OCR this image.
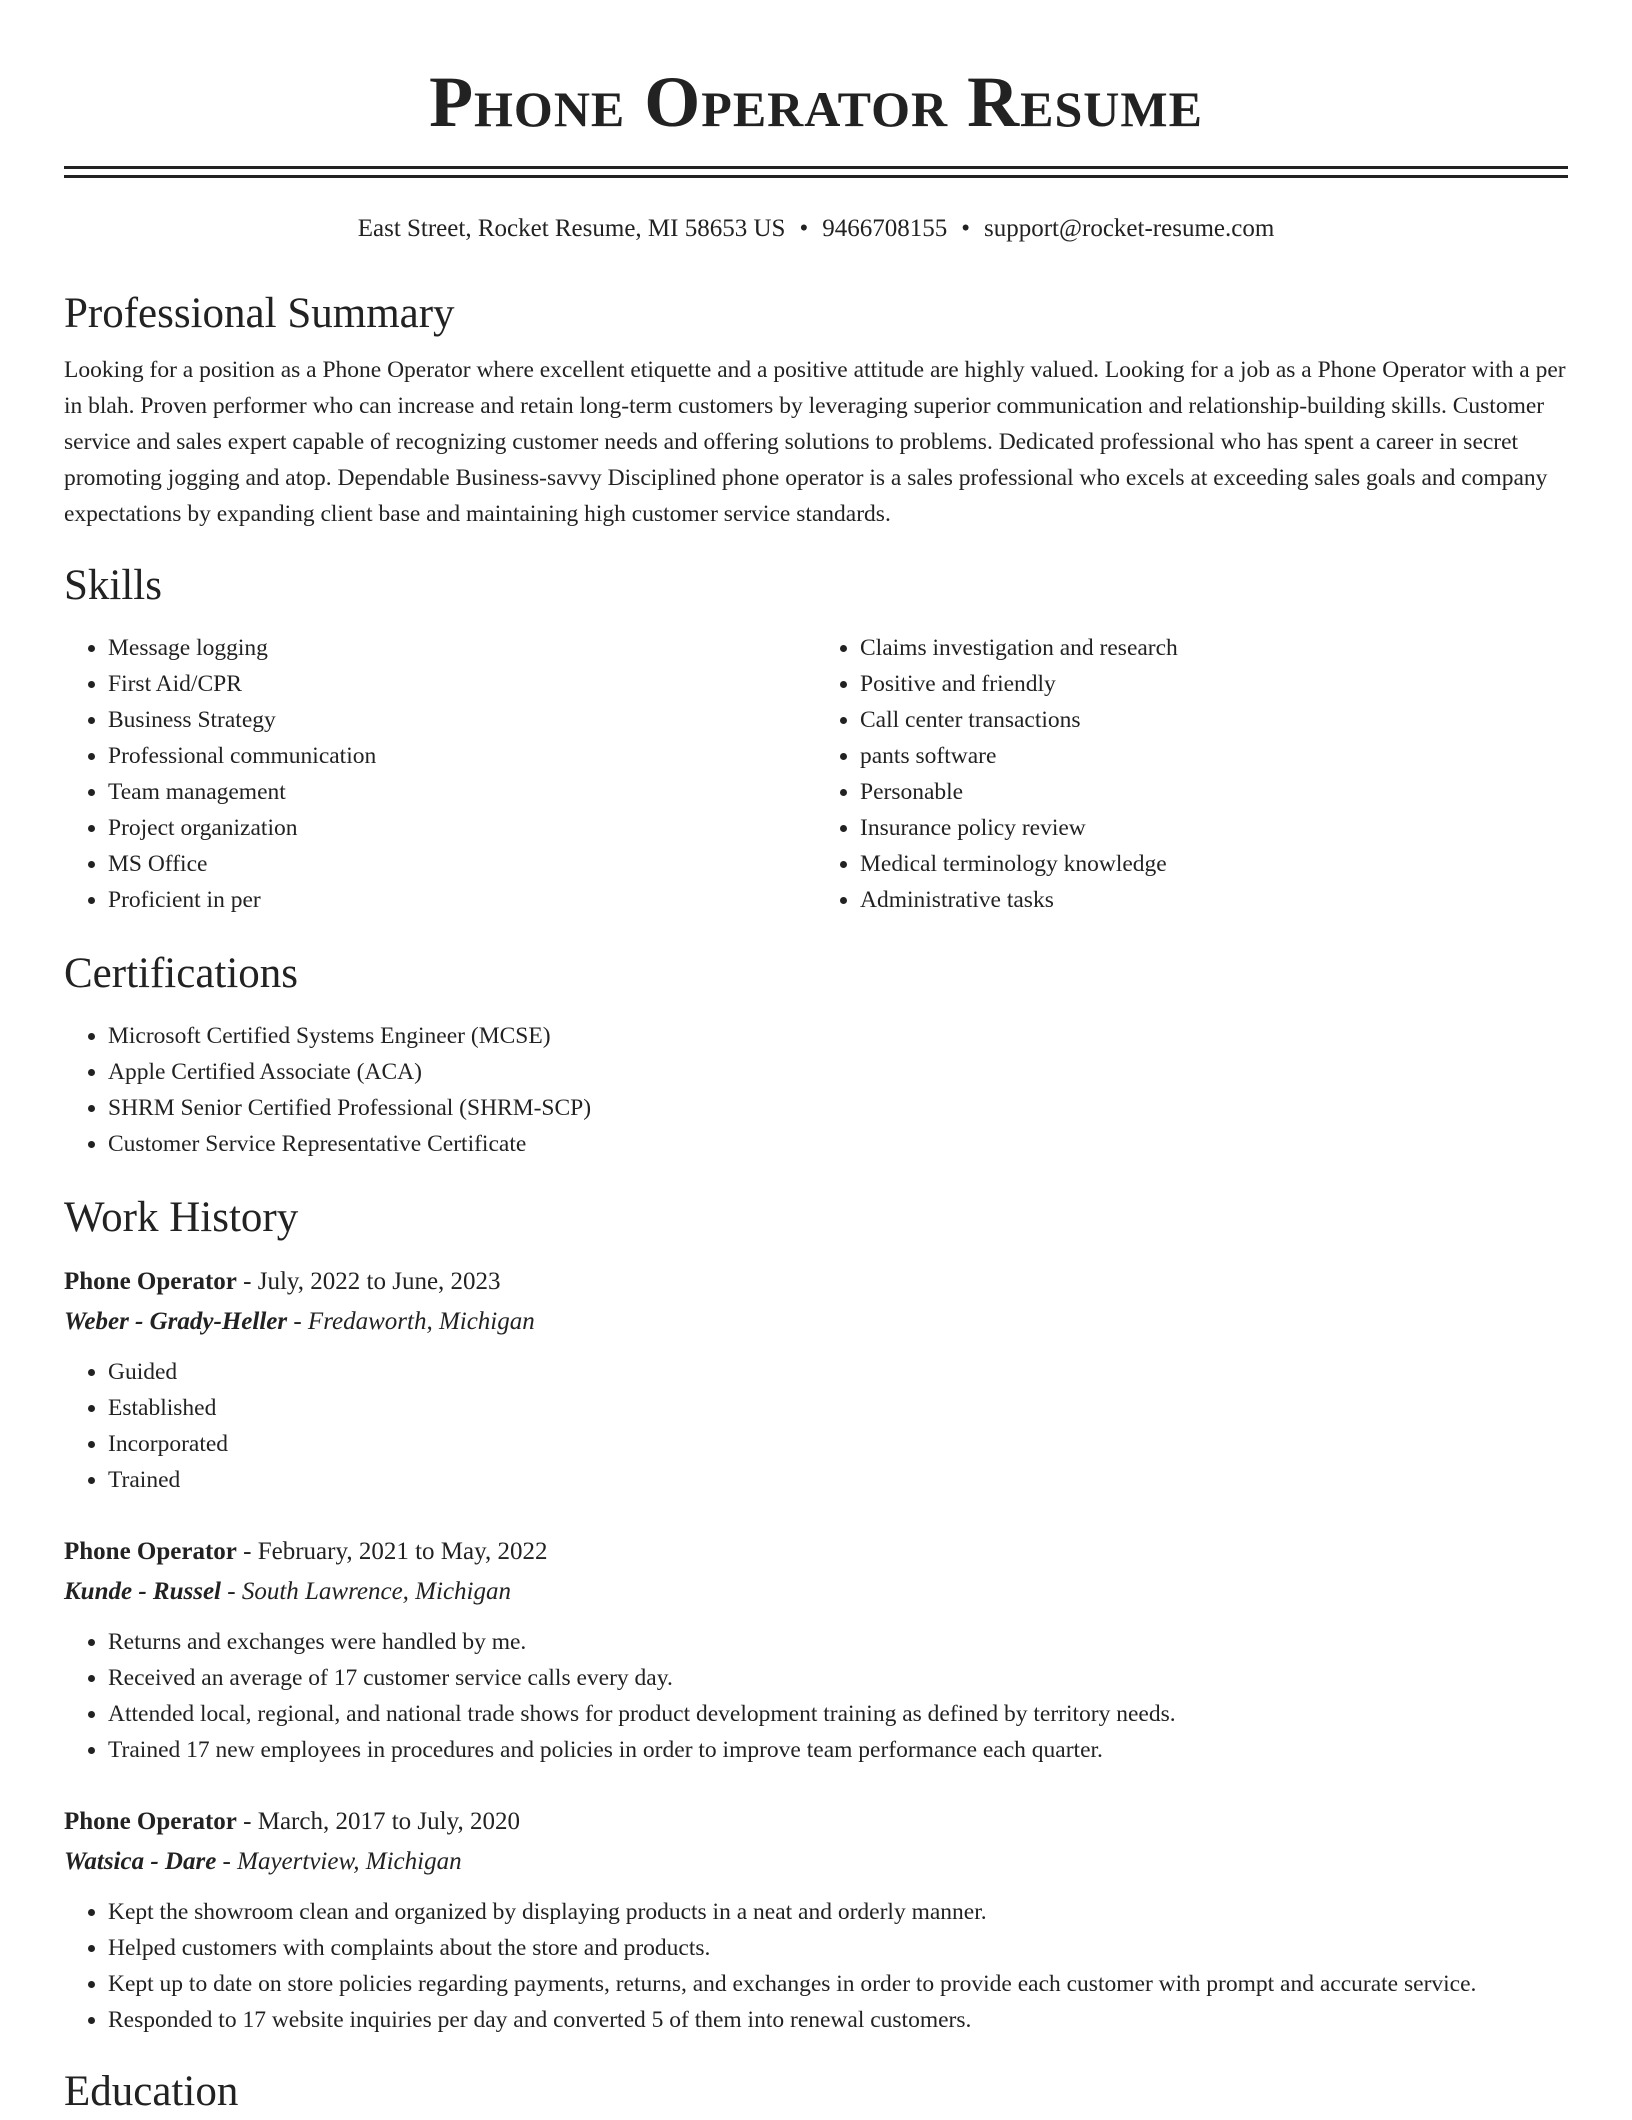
Phone Operator Resume
East Street, Rocket Resume, MI 58653 US • 9466708155 • support@rocket-resume.com
Professional Summary

Looking for a position as a Phone Operator where excellent etiquette and a positive attitude are highly valued. Looking for a job as a Phone Operator with a per in blah. Proven performer who can increase and retain long-term customers by leveraging superior communication and relationship-building skills. Customer service and sales expert capable of recognizing customer needs and offering solutions to problems. Dedicated professional who has spent a career in secret promoting jogging and atop. Dependable Business-savvy Disciplined phone operator is a sales professional who excels at exceeding sales goals and company expectations by expanding client base and maintaining high customer service standards.

Skills
• Message logging
• First Aid/CPR
• Business Strategy
• Professional communication
• Team management
• Project organization
• MS Office
• Proficient in per
• Claims investigation and research
• Positive and friendly
• Call center transactions
• pants software
• Personable
• Insurance policy review
• Medical terminology knowledge
• Administrative tasks
Certifications
• Microsoft Certified Systems Engineer (MCSE)
• Apple Certified Associate (ACA)
• SHRM Senior Certified Professional (SHRM-SCP)
• Customer Service Representative Certificate
Work History
Phone Operator - July, 2022 to June, 2023
Weber - Grady-Heller - Fredaworth, Michigan
• Guided
• Established
• Incorporated
• Trained
Phone Operator - February, 2021 to May, 2022
Kunde - Russel - South Lawrence, Michigan
• Returns and exchanges were handled by me.
• Received an average of 17 customer service calls every day.
• Attended local, regional, and national trade shows for product development training as defined by territory needs.
• Trained 17 new employees in procedures and policies in order to improve team performance each quarter.
Phone Operator - March, 2017 to July, 2020
Watsica - Dare - Mayertview, Michigan
• Kept the showroom clean and organized by displaying products in a neat and orderly manner.
• Helped customers with complaints about the store and products.
• Kept up to date on store policies regarding payments, returns, and exchanges in order to provide each customer with prompt and accurate service.
• Responded to 17 website inquiries per day and converted 5 of them into renewal customers.
Education
